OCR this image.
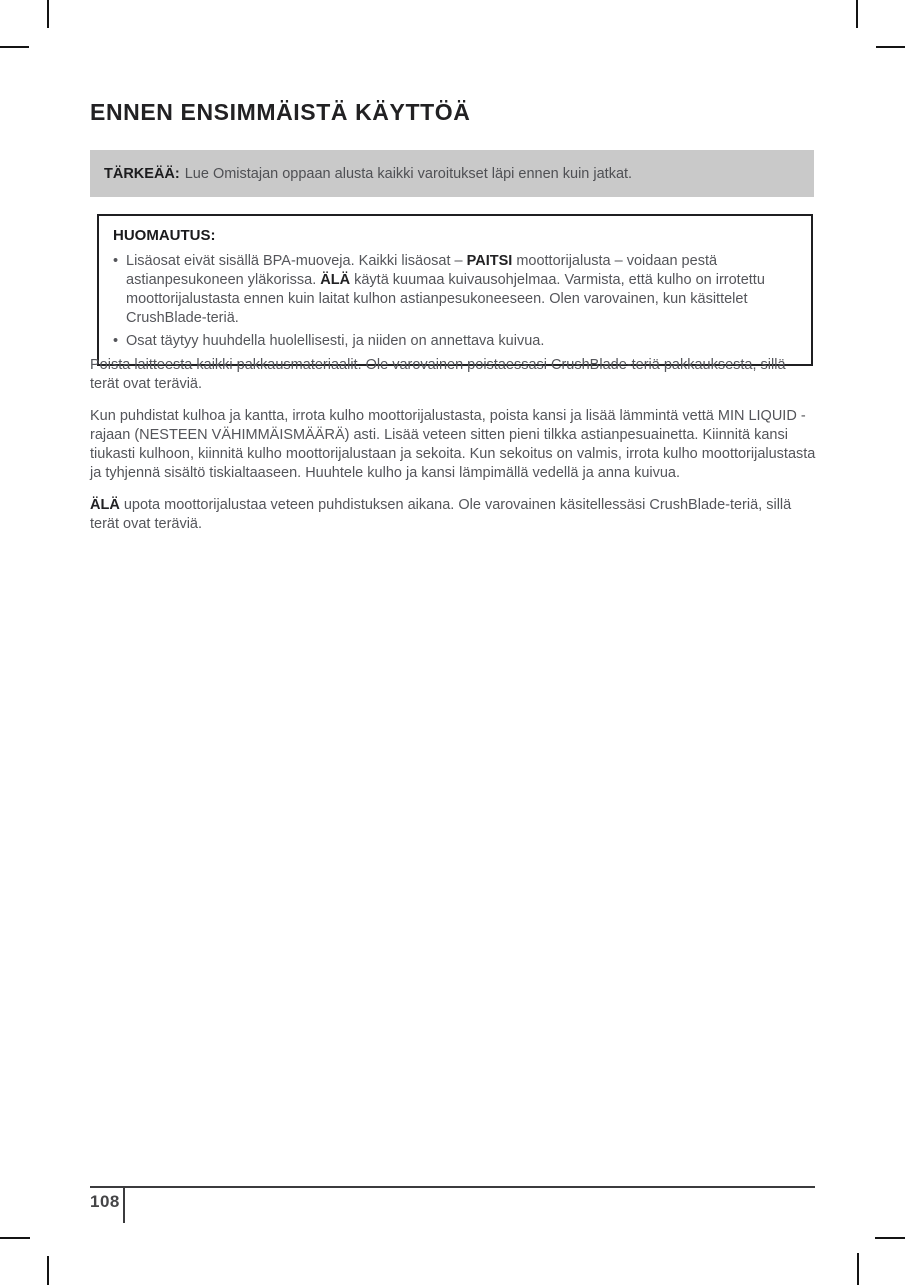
ENNEN ENSIMMÄISTÄ KÄYTTÖÄ
TÄRKEÄÄ: Lue Omistajan oppaan alusta kaikki varoitukset läpi ennen kuin jatkat.
HUOMAUTUS:
• Lisäosat eivät sisällä BPA-muoveja. Kaikki lisäosat – PAITSI moottorijalusta – voidaan pestä astianpesukoneen yläkorissa. ÄLÄ käytä kuumaa kuivausohjelmaa. Varmista, että kulho on irrotettu moottorijalustasta ennen kuin laitat kulhon astianpesukoneeseen. Olen varovainen, kun käsittelet CrushBlade-teriä.
• Osat täytyy huuhdella huolellisesti, ja niiden on annettava kuivua.

Poista laitteesta kaikki pakkausmateriaalit. Ole varovainen poistaessasi CrushBlade-teriä pakkauksesta, sillä terät ovat teräviä.

Kun puhdistat kulhoa ja kantta, irrota kulho moottorijalustasta, poista kansi ja lisää lämmintä vettä MIN LIQUID -rajaan (NESTEEN VÄHIMMÄISMÄÄRÄ) asti. Lisää veteen sitten pieni tilkka astianpesuainetta. Kiinnitä kansi tiukasti kulhoon, kiinnitä kulho moottorijalustaan ja sekoita. Kun sekoitus on valmis, irrota kulho moottorijalustasta ja tyhjennä sisältö tiskialtaaseen. Huuhtele kulho ja kansi lämpimällä vedellä ja anna kuivua.

ÄLÄ upota moottorijalustaa veteen puhdistuksen aikana. Ole varovainen käsitellessäsi CrushBlade-teriä, sillä terät ovat teräviä.

108
